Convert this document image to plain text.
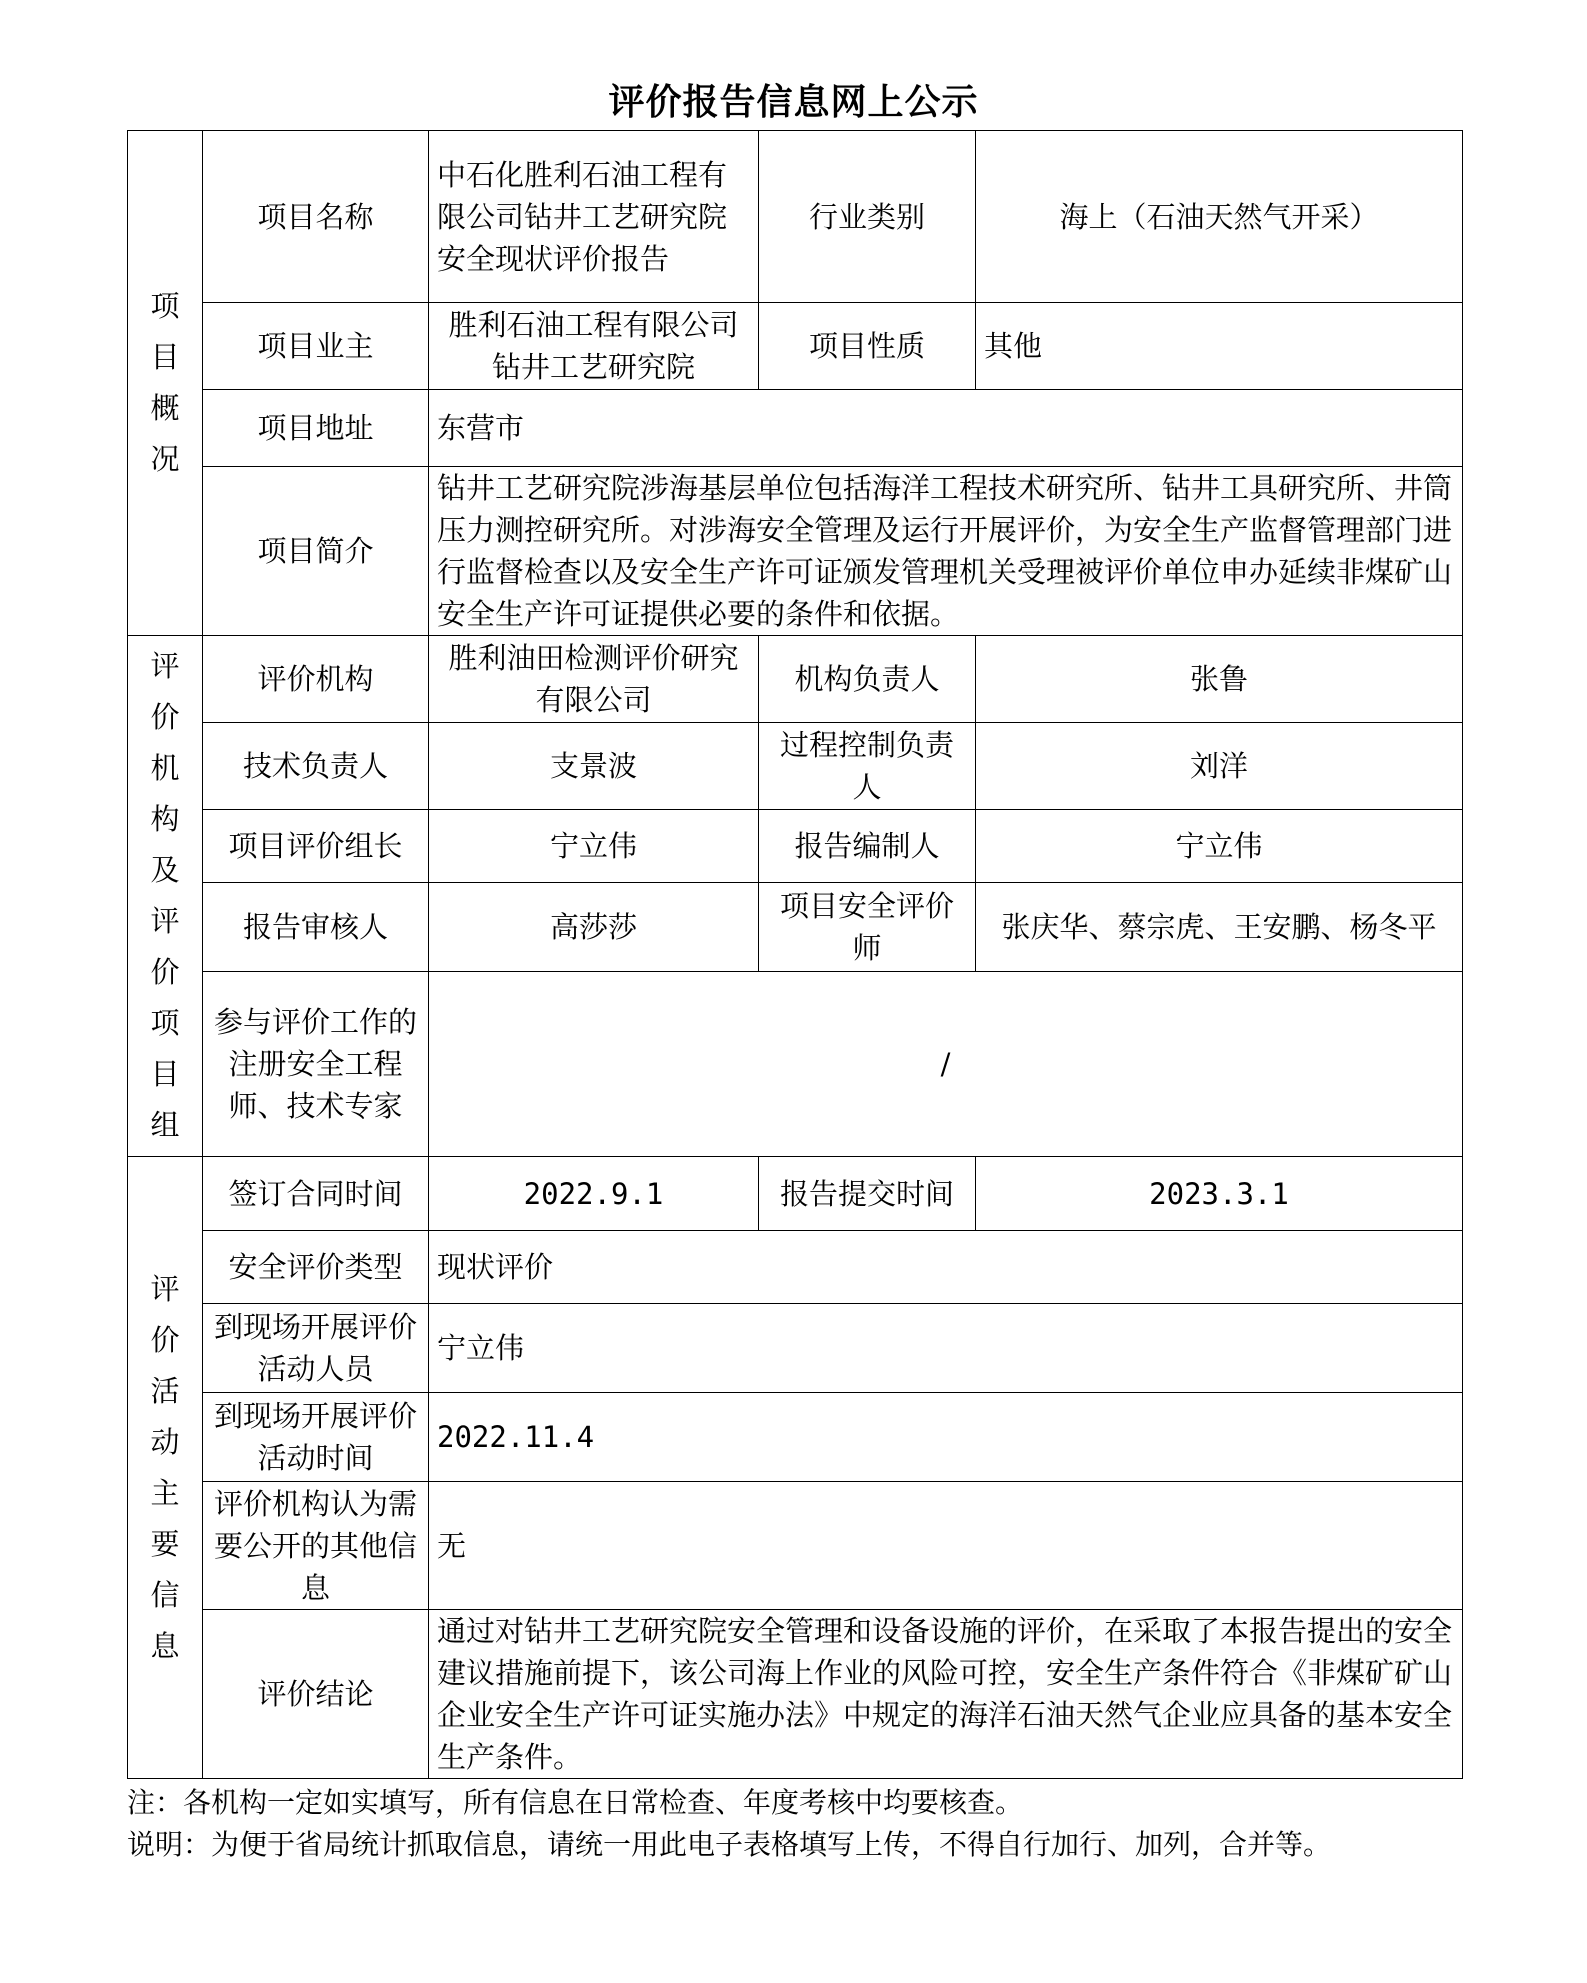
评价报告信息网上公示
项目概况	项目名称	中石化胜利石油工程有限公司钻井工艺研究院安全现状评价报告	行业类别	海上（石油天然气开采）
	项目业主	胜利石油工程有限公司钻井工艺研究院	项目性质	其他
	项目地址	东营市		
	项目简介	钻井工艺研究院涉海基层单位包括海洋工程技术研究所、钻井工具研究所、井筒压力测控研究所。对涉海安全管理及运行开展评价，为安全生产监督管理部门进行监督检查以及安全生产许可证颁发管理机关受理被评价单位申办延续非煤矿山安全生产许可证提供必要的条件和依据。		
评价机构及评价项目组	评价机构	胜利油田检测评价研究有限公司	机构负责人	张鲁
	技术负责人	支景波	过程控制负责人	刘洋
	项目评价组长	宁立伟	报告编制人	宁立伟
	报告审核人	高莎莎	项目安全评价师	张庆华、蔡宗虎、王安鹏、杨冬平
	参与评价工作的注册安全工程师、技术专家	/		
评价活动主要信息	签订合同时间	2022.9.1	报告提交时间	2023.3.1
	安全评价类型	现状评价		
	到现场开展评价活动人员	宁立伟		
	到现场开展评价活动时间	2022.11.4		
	评价机构认为需要公开的其他信息	无		
	评价结论	通过对钻井工艺研究院安全管理和设备设施的评价，在采取了本报告提出的安全建议措施前提下，该公司海上作业的风险可控，安全生产条件符合《非煤矿矿山企业安全生产许可证实施办法》中规定的海洋石油天然气企业应具备的基本安全生产条件。		

注：各机构一定如实填写，所有信息在日常检查、年度考核中均要核查。

说明：为便于省局统计抓取信息，请统一用此电子表格填写上传，不得自行加行、加列，合并等。
